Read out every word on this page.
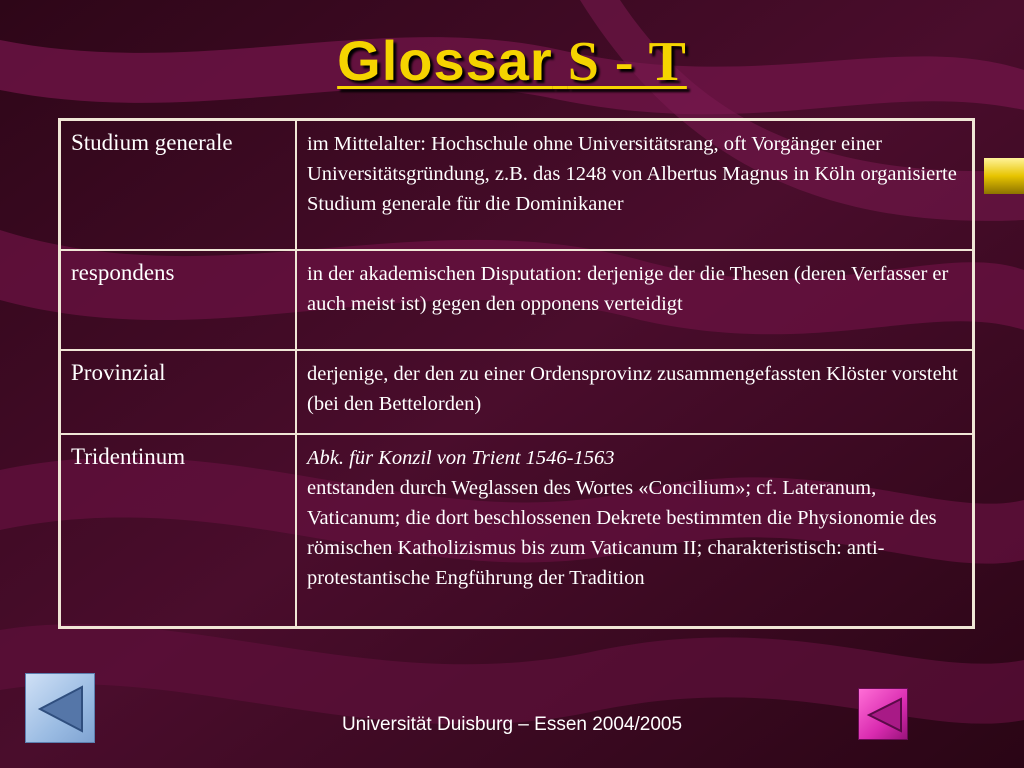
Glossar S - T
Studium generale	im Mittelalter: Hochschule ohne Universitätsrang, oft Vorgänger einer Universitätsgründung, z.B. das 1248 von Albertus Magnus in Köln organisierte Studium generale für die Dominikaner
respondens	in der akademischen Disputation: derjenige der die Thesen (deren Verfasser er auch meist ist) gegen den opponens verteidigt
Provinzial	derjenige, der den zu einer Ordensprovinz zusammengefassten Klöster vorsteht (bei den Bettelorden)
Tridentinum	Abk. für Konzil von Trient 1546-1563
entstanden durch Weglassen des Wortes «Concilium»; cf. Lateranum, Vaticanum; die dort beschlossenen Dekrete bestimmten die Physionomie des römischen Katholizismus bis zum Vaticanum II; charakteristisch: anti-protestantische Engführung der Tradition
Universität Duisburg – Essen 2004/2005
